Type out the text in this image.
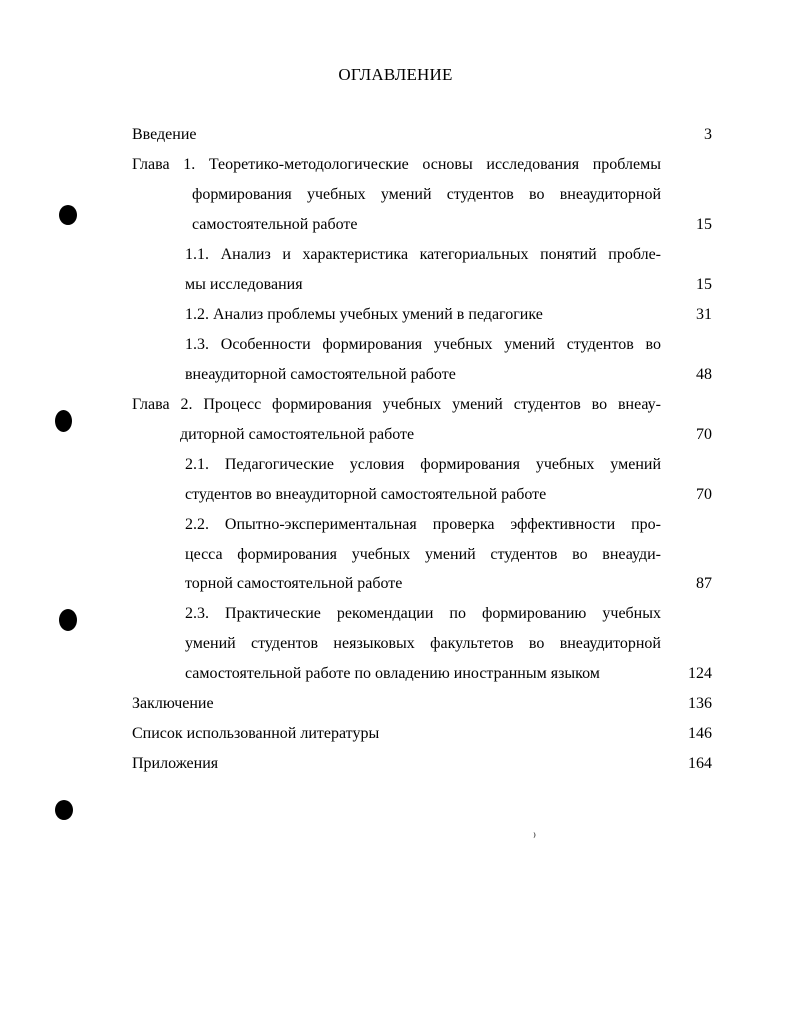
ОГЛАВЛЕНИЕ
Введение	3
Глава 1. Теоретико-методологические основы исследования проблемы
формирования учебных умений студентов во внеаудиторной
самостоятельной работе	15
1.1. Анализ и характеристика категориальных понятий пробле-
мы исследования	15
1.2. Анализ проблемы учебных умений в педагогике	31
1.3. Особенности формирования учебных умений студентов во
внеаудиторной самостоятельной работе	48
Глава 2. Процесс формирования учебных умений студентов во внеау-
диторной самостоятельной работе	70
2.1. Педагогические условия формирования учебных умений
студентов во внеаудиторной самостоятельной работе	70
2.2. Опытно-экспериментальная проверка эффективности про-
цесса формирования учебных умений студентов во внеауди-
торной самостоятельной работе	87
2.3. Практические рекомендации по формированию учебных
умений студентов неязыковых факультетов во внеаудиторной
самостоятельной работе по овладению иностранным языком	124
Заключение	136
Список использованной литературы	146
Приложения	164
⁾
